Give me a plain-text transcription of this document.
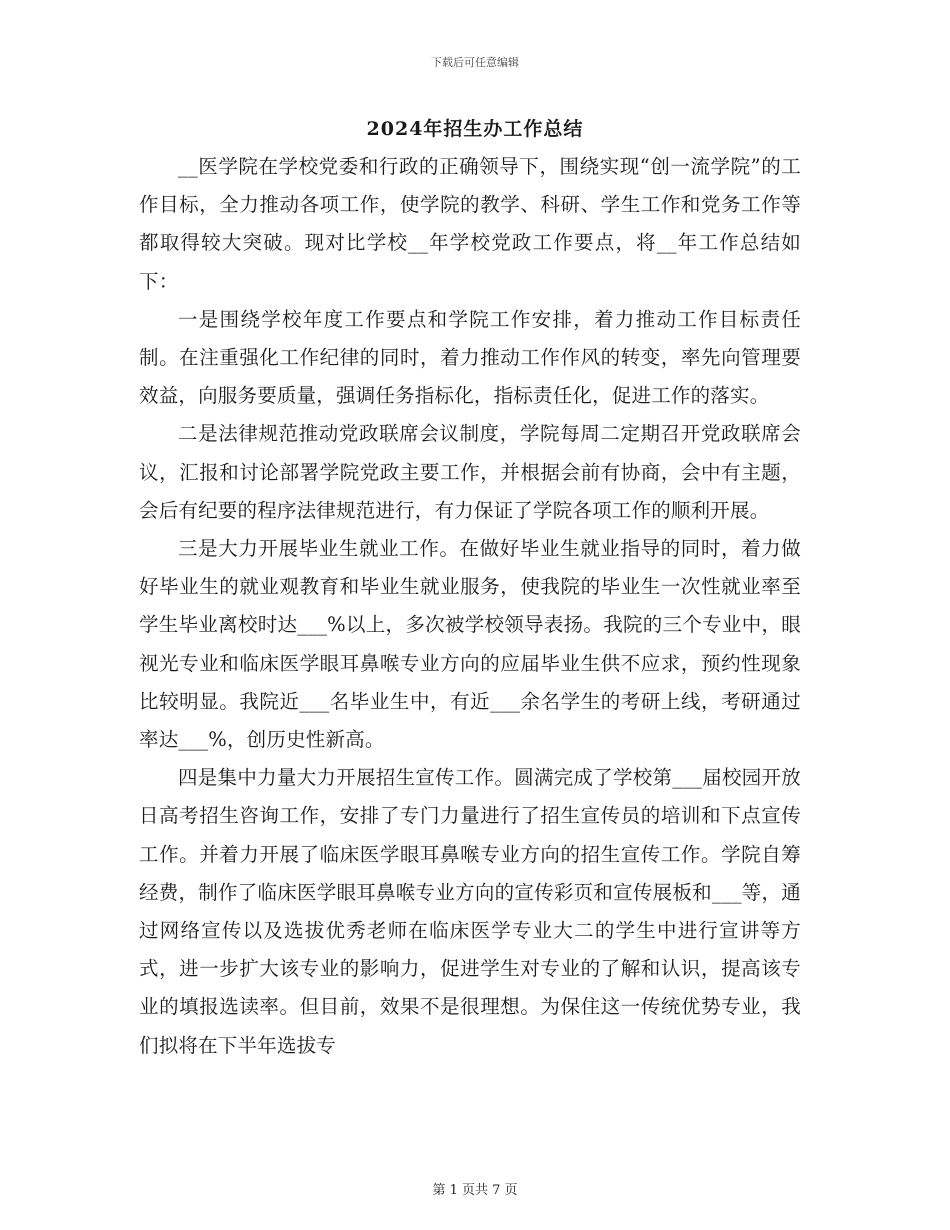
下载后可任意编辑
2024年招生办工作总结

__医学院在学校党委和行政的正确领导下，围绕实现“创一流学院”的工作目标，全力推动各项工作，使学院的教学、科研、学生工作和党务工作等都取得较大突破。现对比学校__年学校党政工作要点，将__年工作总结如下：

一是围绕学校年度工作要点和学院工作安排，着力推动工作目标责任制。在注重强化工作纪律的同时，着力推动工作作风的转变，率先向管理要效益，向服务要质量，强调任务指标化，指标责任化，促进工作的落实。

二是法律规范推动党政联席会议制度，学院每周二定期召开党政联席会议，汇报和讨论部署学院党政主要工作，并根据会前有协商，会中有主题，会后有纪要的程序法律规范进行，有力保证了学院各项工作的顺利开展。

三是大力开展毕业生就业工作。在做好毕业生就业指导的同时，着力做好毕业生的就业观教育和毕业生就业服务，使我院的毕业生一次性就业率至学生毕业离校时达___%以上，多次被学校领导表扬。我院的三个专业中，眼视光专业和临床医学眼耳鼻喉专业方向的应届毕业生供不应求，预约性现象比较明显。我院近___名毕业生中，有近___余名学生的考研上线，考研通过率达___%，创历史性新高。

四是集中力量大力开展招生宣传工作。圆满完成了学校第___届校园开放日高考招生咨询工作，安排了专门力量进行了招生宣传员的培训和下点宣传工作。并着力开展了临床医学眼耳鼻喉专业方向的招生宣传工作。学院自筹经费，制作了临床医学眼耳鼻喉专业方向的宣传彩页和宣传展板和___等，通过网络宣传以及选拔优秀老师在临床医学专业大二的学生中进行宣讲等方式，进一步扩大该专业的影响力，促进学生对专业的了解和认识，提高该专业的填报选读率。但目前，效果不是很理想。为保住这一传统优势专业，我们拟将在下半年选拔专

第 1 页共 7 页
